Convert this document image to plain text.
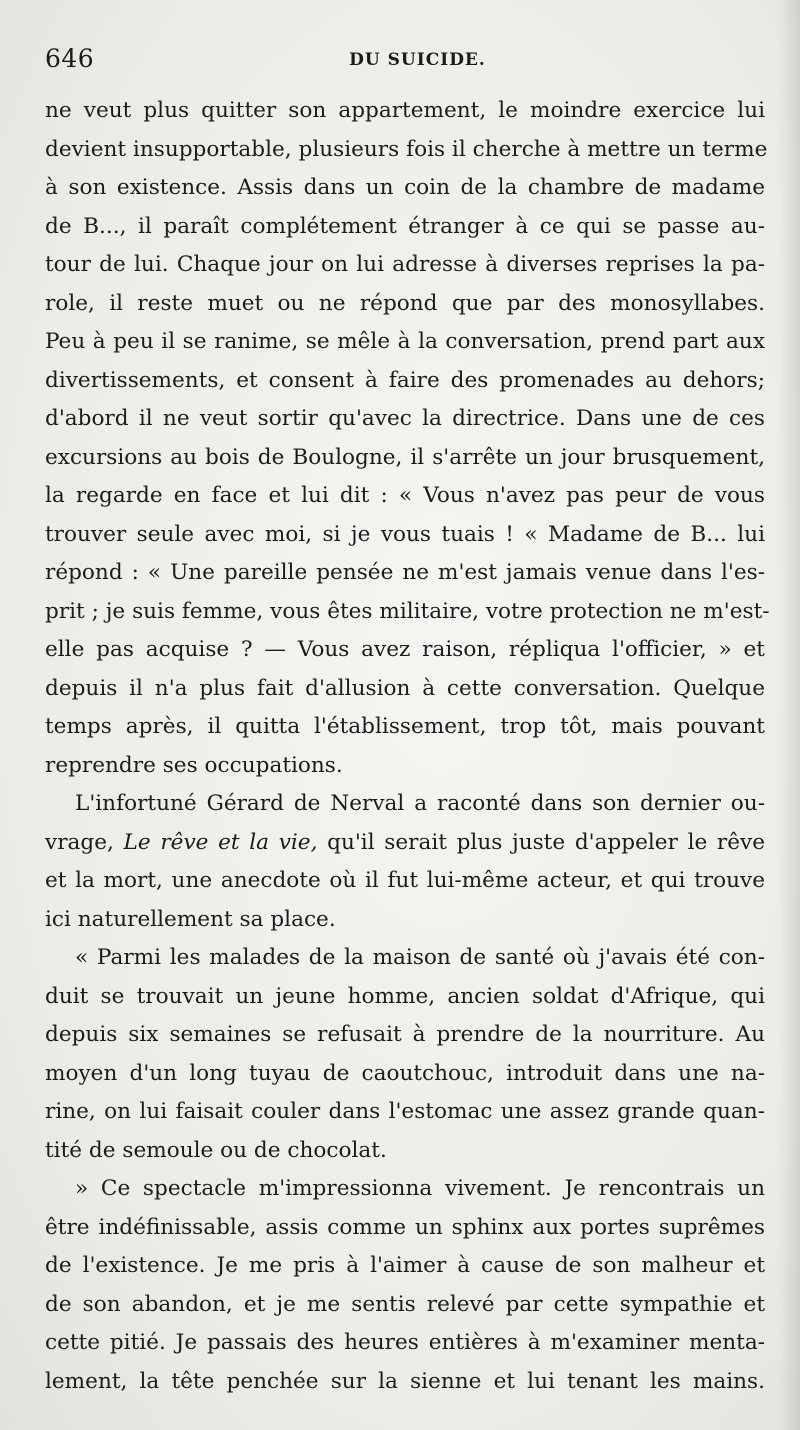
646	DU SUICIDE.
ne veut plus quitter son appartement, le moindre exercice lui
devient insupportable, plusieurs fois il cherche à mettre un terme
à son existence. Assis dans un coin de la chambre de madame
de B..., il paraît complétement étranger à ce qui se passe au-
tour de lui. Chaque jour on lui adresse à diverses reprises la pa-
role, il reste muet ou ne répond que par des monosyllabes.
Peu à peu il se ranime, se mêle à la conversation, prend part aux
divertissements, et consent à faire des promenades au dehors;
d'abord il ne veut sortir qu'avec la directrice. Dans une de ces
excursions au bois de Boulogne, il s'arrête un jour brusquement,
la regarde en face et lui dit : « Vous n'avez pas peur de vous
trouver seule avec moi, si je vous tuais ! « Madame de B... lui
répond : « Une pareille pensée ne m'est jamais venue dans l'es-
prit ; je suis femme, vous êtes militaire, votre protection ne m'est-
elle pas acquise ? — Vous avez raison, répliqua l'officier, » et
depuis il n'a plus fait d'allusion à cette conversation. Quelque
temps après, il quitta l'établissement, trop tôt, mais pouvant
reprendre ses occupations.
L'infortuné Gérard de Nerval a raconté dans son dernier ou-
vrage, Le rêve et la vie, qu'il serait plus juste d'appeler le rêve
et la mort, une anecdote où il fut lui-même acteur, et qui trouve
ici naturellement sa place.
« Parmi les malades de la maison de santé où j'avais été con-
duit se trouvait un jeune homme, ancien soldat d'Afrique, qui
depuis six semaines se refusait à prendre de la nourriture. Au
moyen d'un long tuyau de caoutchouc, introduit dans une na-
rine, on lui faisait couler dans l'estomac une assez grande quan-
tité de semoule ou de chocolat.
» Ce spectacle m'impressionna vivement. Je rencontrais un
être indéfinissable, assis comme un sphinx aux portes suprêmes
de l'existence. Je me pris à l'aimer à cause de son malheur et
de son abandon, et je me sentis relevé par cette sympathie et
cette pitié. Je passais des heures entières à m'examiner menta-
lement, la tête penchée sur la sienne et lui tenant les mains.
